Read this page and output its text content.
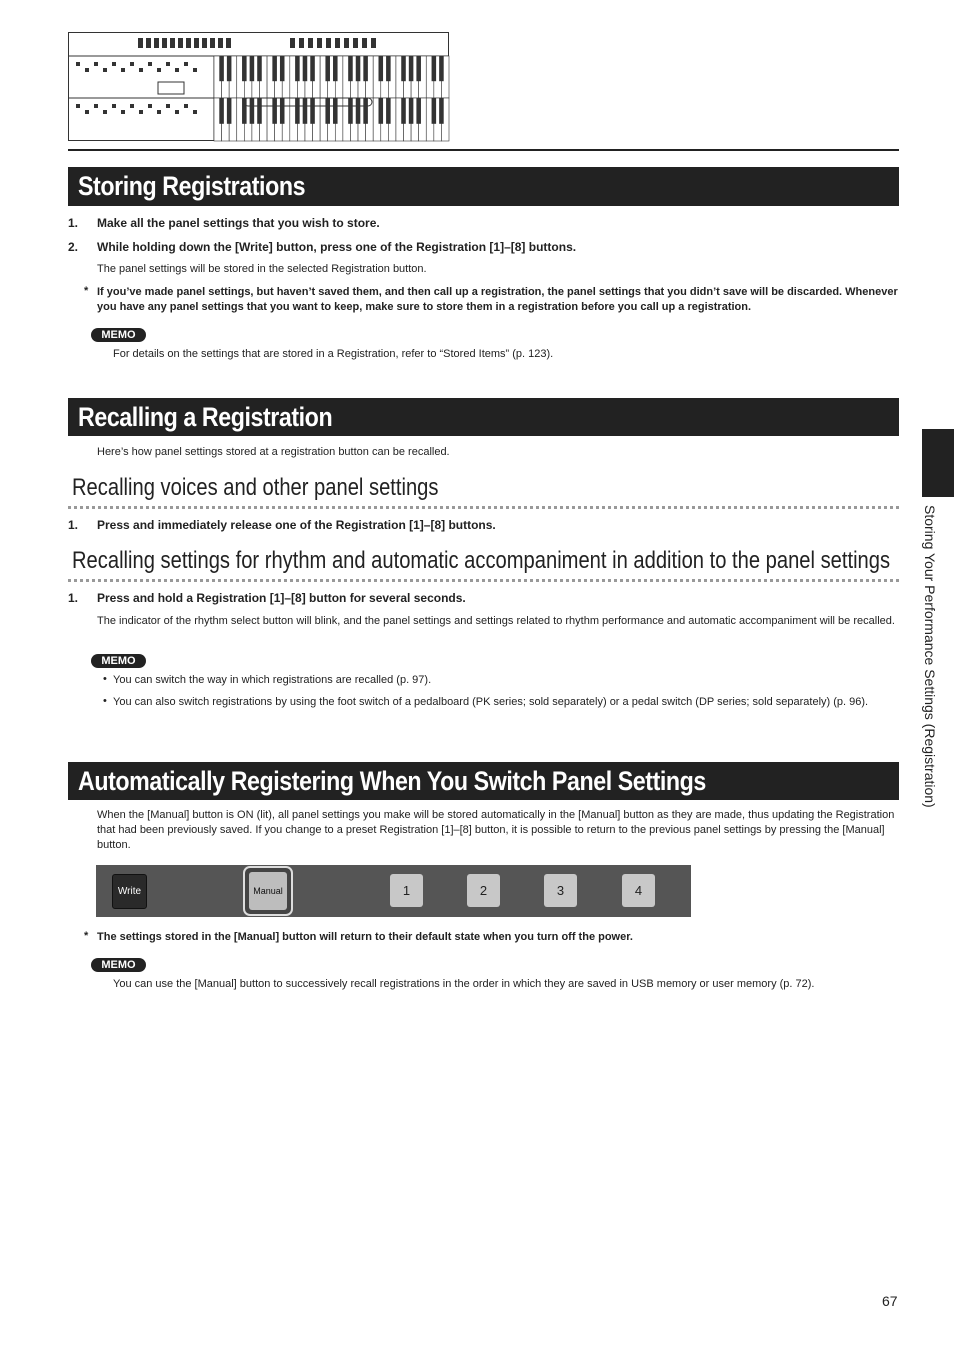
Storing Registrations
1. Make all the panel settings that you wish to store.
2. While holding down the [Write] button, press one of the Registration [1]–[8] buttons.
The panel settings will be stored in the selected Registration button.
* If you’ve made panel settings, but haven’t saved them, and then call up a registration, the panel settings that you didn’t save will be discarded. Whenever you have any panel settings that you want to keep, make sure to store them in a registration before you call up a registration.
MEMO
For details on the settings that are stored in a Registration, refer to “Stored Items” (p. 123).
Recalling a Registration
Here’s how panel settings stored at a registration button can be recalled.
Recalling voices and other panel settings
1. Press and immediately release one of the Registration [1]–[8] buttons.
Recalling settings for rhythm and automatic accompaniment in addition to the panel settings
1. Press and hold a Registration [1]–[8] button for several seconds.
The indicator of the rhythm select button will blink, and the panel settings and settings related to rhythm performance and automatic accompaniment will be recalled.
MEMO
• You can switch the way in which registrations are recalled (p. 97).
• You can also switch registrations by using the foot switch of a pedalboard (PK series; sold separately) or a pedal switch (DP series; sold separately) (p. 96).
Automatically Registering When You Switch Panel Settings
When the [Manual] button is ON (lit), all panel settings you make will be stored automatically in the [Manual] button as they are made, thus updating the Registration that had been previously saved. If you change to a preset Registration [1]–[8] button, it is possible to return to the previous panel settings by pressing the [Manual] button.
Write	Manual	1	2	3	4
* The settings stored in the [Manual] button will return to their default state when you turn off the power.
MEMO
You can use the [Manual] button to successively recall registrations in the order in which they are saved in USB memory or user memory (p. 72).
Storing Your Performance Settings (Registration)
67
